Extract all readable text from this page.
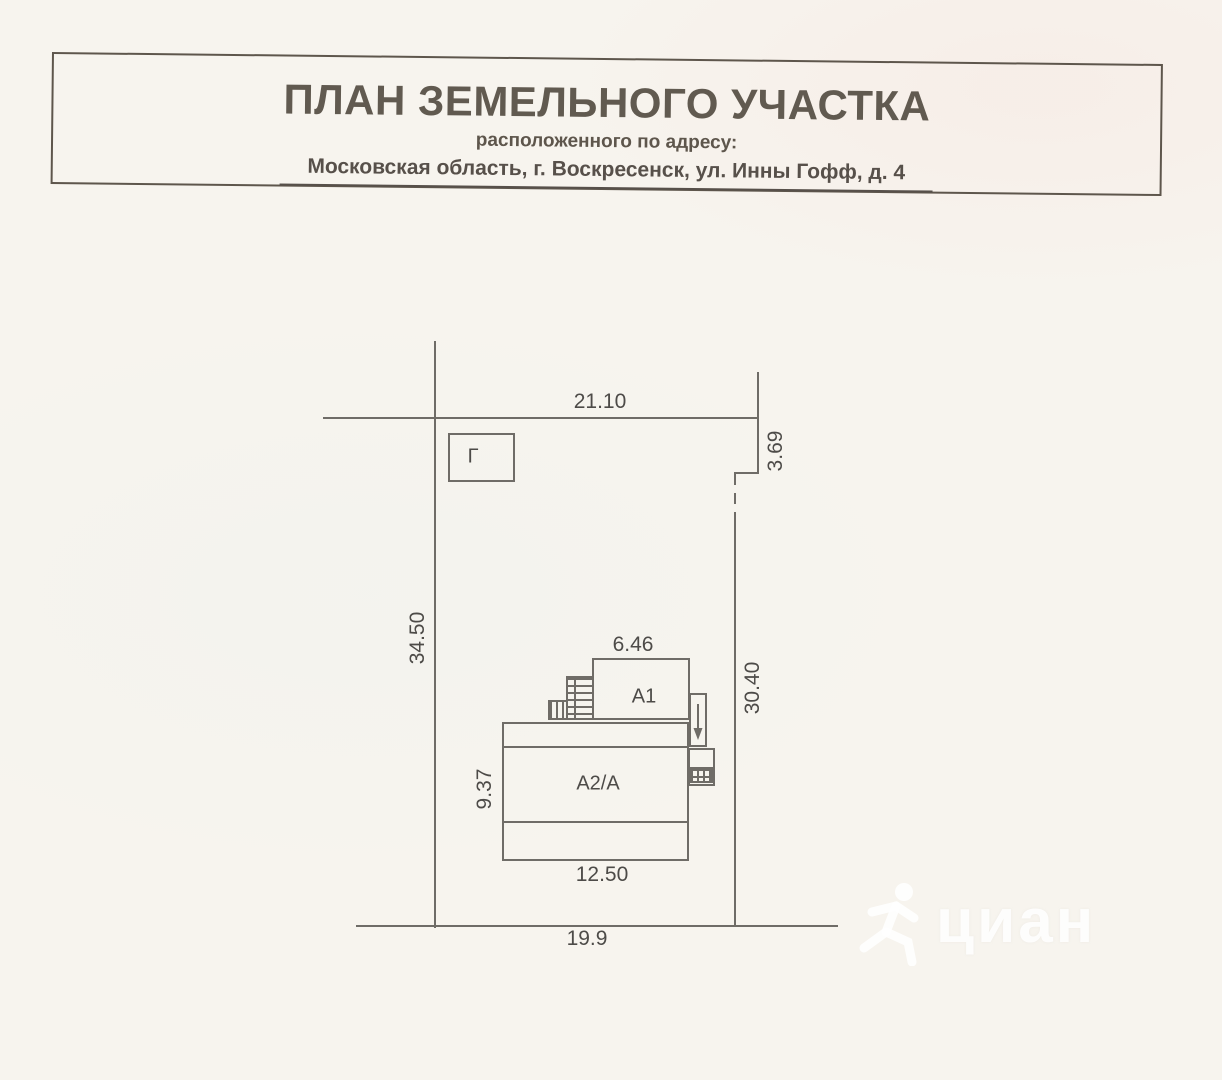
ПЛАН ЗЕМЕЛЬНОГО УЧАСТКА
расположенного по адресу:
Московская область, г. Воскресенск, ул. Инны Гофф, д. 4
21.10
3.69
34.50
30.40
19.9
Г
А1
6.46
А2/А
9.37
12.50
циан
